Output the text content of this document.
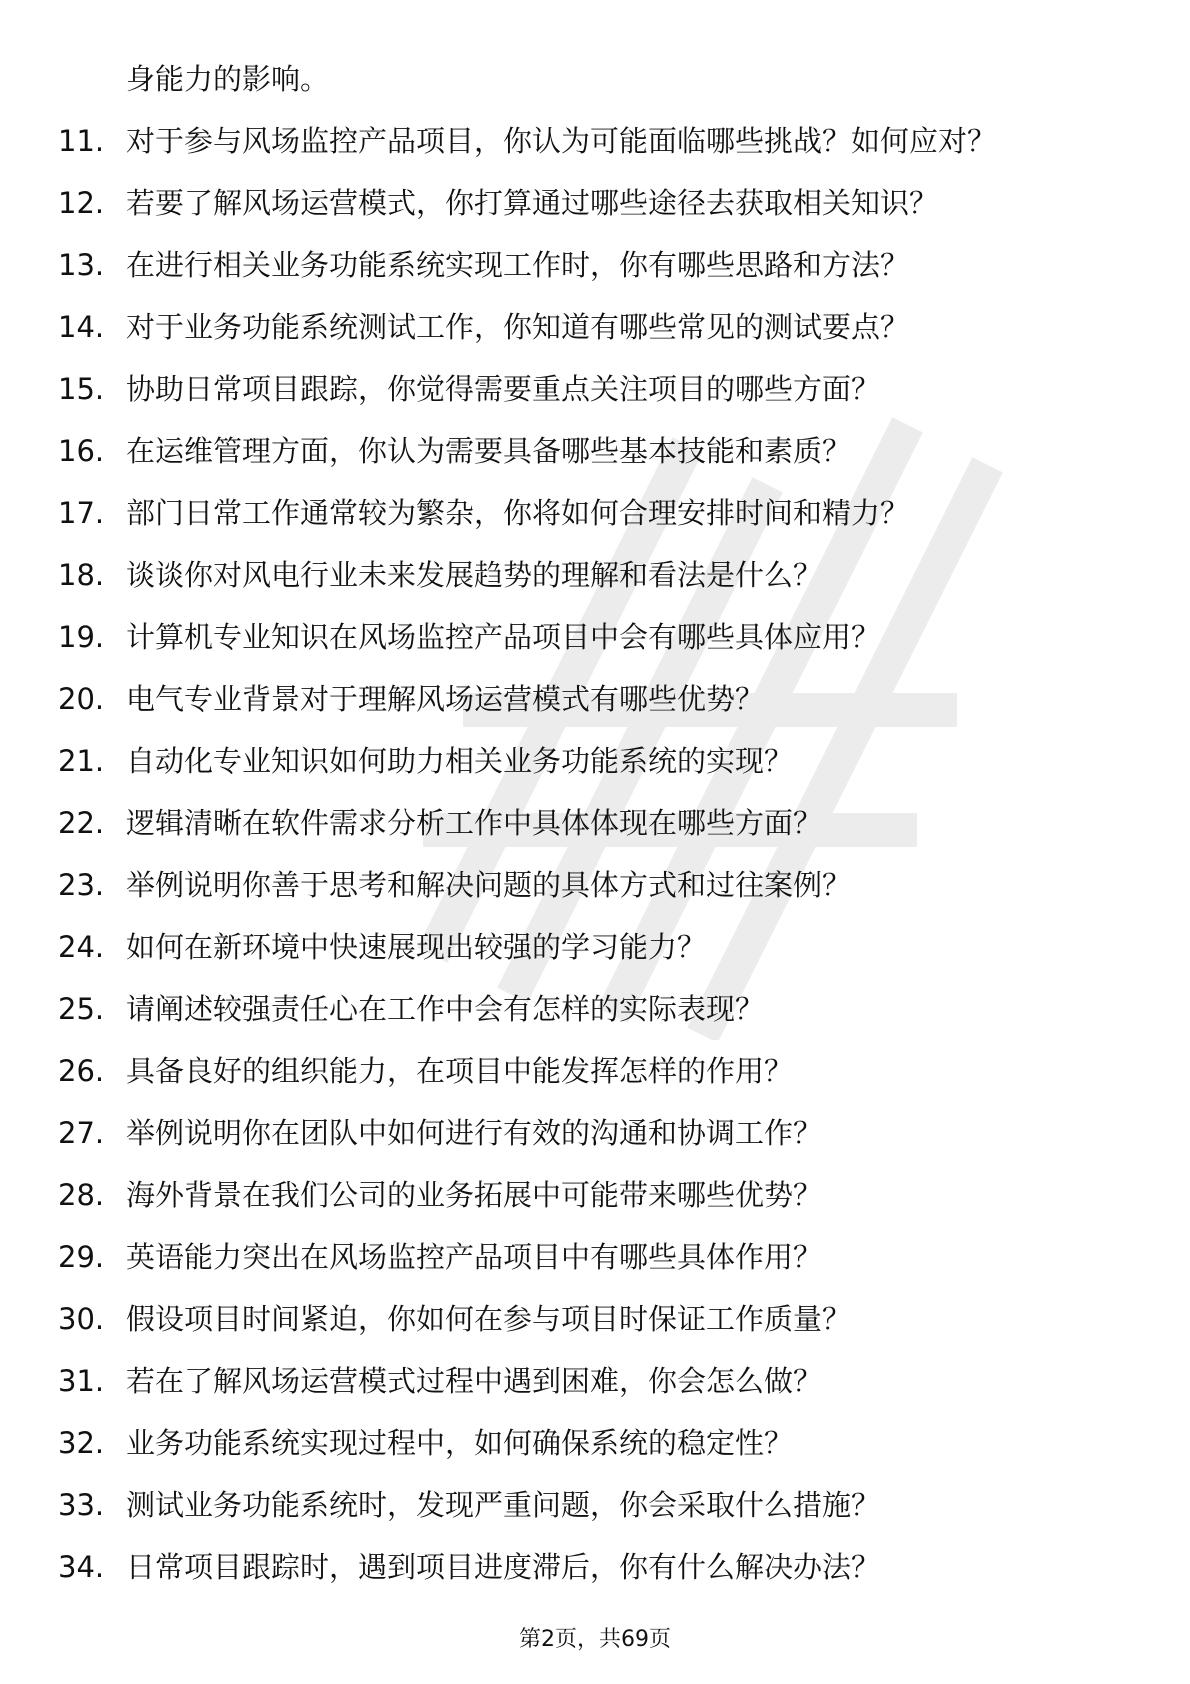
身能力的影响。
11. 对于参与风场监控产品项目，你认为可能面临哪些挑战？如何应对？
12. 若要了解风场运营模式，你打算通过哪些途径去获取相关知识？
13. 在进行相关业务功能系统实现工作时，你有哪些思路和方法？
14. 对于业务功能系统测试工作，你知道有哪些常见的测试要点？
15. 协助日常项目跟踪，你觉得需要重点关注项目的哪些方面？
16. 在运维管理方面，你认为需要具备哪些基本技能和素质？
17. 部门日常工作通常较为繁杂，你将如何合理安排时间和精力？
18. 谈谈你对风电行业未来发展趋势的理解和看法是什么？
19. 计算机专业知识在风场监控产品项目中会有哪些具体应用？
20. 电气专业背景对于理解风场运营模式有哪些优势？
21. 自动化专业知识如何助力相关业务功能系统的实现？
22. 逻辑清晰在软件需求分析工作中具体体现在哪些方面？
23. 举例说明你善于思考和解决问题的具体方式和过往案例？
24. 如何在新环境中快速展现出较强的学习能力？
25. 请阐述较强责任心在工作中会有怎样的实际表现？
26. 具备良好的组织能力，在项目中能发挥怎样的作用？
27. 举例说明你在团队中如何进行有效的沟通和协调工作？
28. 海外背景在我们公司的业务拓展中可能带来哪些优势？
29. 英语能力突出在风场监控产品项目中有哪些具体作用？
30. 假设项目时间紧迫，你如何在参与项目时保证工作质量？
31. 若在了解风场运营模式过程中遇到困难，你会怎么做？
32. 业务功能系统实现过程中，如何确保系统的稳定性？
33. 测试业务功能系统时，发现严重问题，你会采取什么措施？
34. 日常项目跟踪时，遇到项目进度滞后，你有什么解决办法？
第2页，共69页
